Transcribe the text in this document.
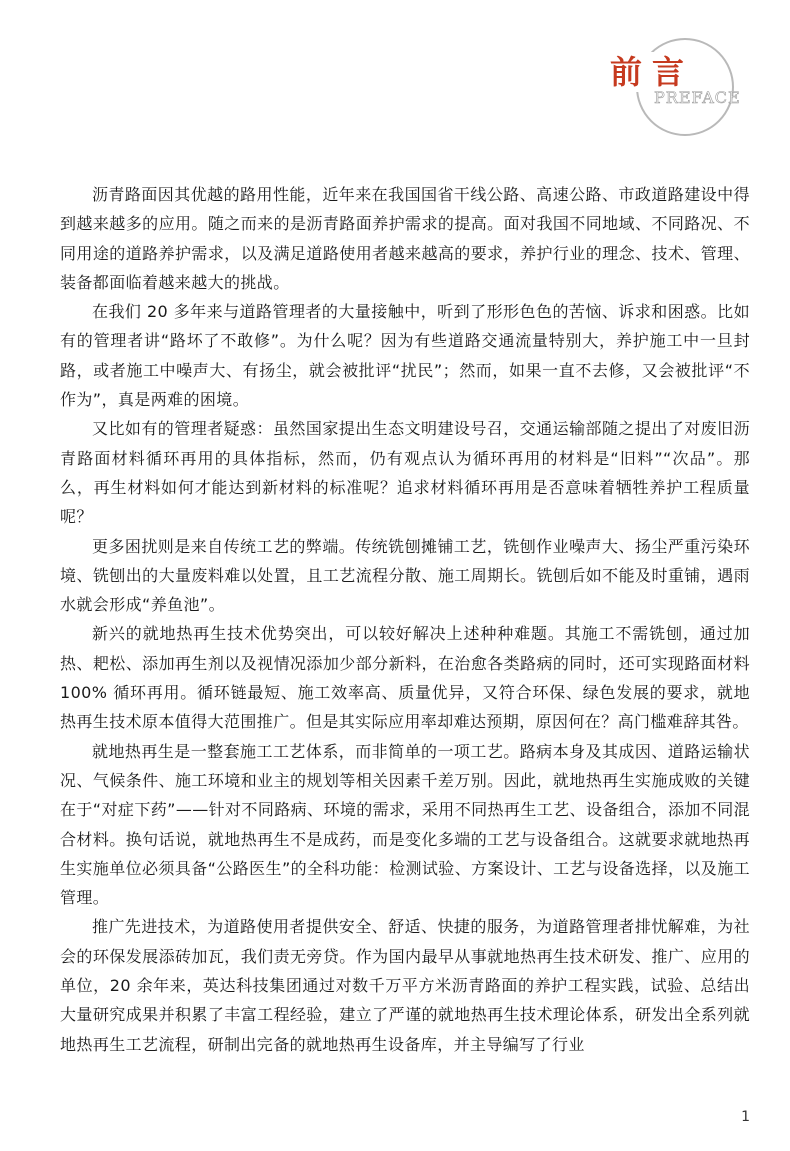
前言
PREFACE

沥青路面因其优越的路用性能，近年来在我国国省干线公路、高速公路、市政道路建设中得到越来越多的应用。随之而来的是沥青路面养护需求的提高。面对我国不同地域、不同路况、不同用途的道路养护需求，以及满足道路使用者越来越高的要求，养护行业的理念、技术、管理、装备都面临着越来越大的挑战。

在我们 20 多年来与道路管理者的大量接触中，听到了形形色色的苦恼、诉求和困惑。比如有的管理者讲“路坏了不敢修”。为什么呢？因为有些道路交通流量特别大，养护施工中一旦封路，或者施工中噪声大、有扬尘，就会被批评“扰民”；然而，如果一直不去修，又会被批评“不作为”，真是两难的困境。

又比如有的管理者疑惑：虽然国家提出生态文明建设号召，交通运输部随之提出了对废旧沥青路面材料循环再用的具体指标，然而，仍有观点认为循环再用的材料是“旧料”“次品”。那么，再生材料如何才能达到新材料的标准呢？追求材料循环再用是否意味着牺牲养护工程质量呢？

更多困扰则是来自传统工艺的弊端。传统铣刨摊铺工艺，铣刨作业噪声大、扬尘严重污染环境、铣刨出的大量废料难以处置，且工艺流程分散、施工周期长。铣刨后如不能及时重铺，遇雨水就会形成“养鱼池”。

新兴的就地热再生技术优势突出，可以较好解决上述种种难题。其施工不需铣刨，通过加热、耙松、添加再生剂以及视情况添加少部分新料，在治愈各类路病的同时，还可实现路面材料 100% 循环再用。循环链最短、施工效率高、质量优异，又符合环保、绿色发展的要求，就地热再生技术原本值得大范围推广。但是其实际应用率却难达预期，原因何在？高门槛难辞其咎。

就地热再生是一整套施工工艺体系，而非简单的一项工艺。路病本身及其成因、道路运输状况、气候条件、施工环境和业主的规划等相关因素千差万别。因此，就地热再生实施成败的关键在于“对症下药”——针对不同路病、环境的需求，采用不同热再生工艺、设备组合，添加不同混合材料。换句话说，就地热再生不是成药，而是变化多端的工艺与设备组合。这就要求就地热再生实施单位必须具备“公路医生”的全科功能：检测试验、方案设计、工艺与设备选择，以及施工管理。

推广先进技术，为道路使用者提供安全、舒适、快捷的服务，为道路管理者排忧解难，为社会的环保发展添砖加瓦，我们责无旁贷。作为国内最早从事就地热再生技术研发、推广、应用的单位，20 余年来，英达科技集团通过对数千万平方米沥青路面的养护工程实践，试验、总结出大量研究成果并积累了丰富工程经验，建立了严谨的就地热再生技术理论体系，研发出全系列就地热再生工艺流程，研制出完备的就地热再生设备库，并主导编写了行业

1
